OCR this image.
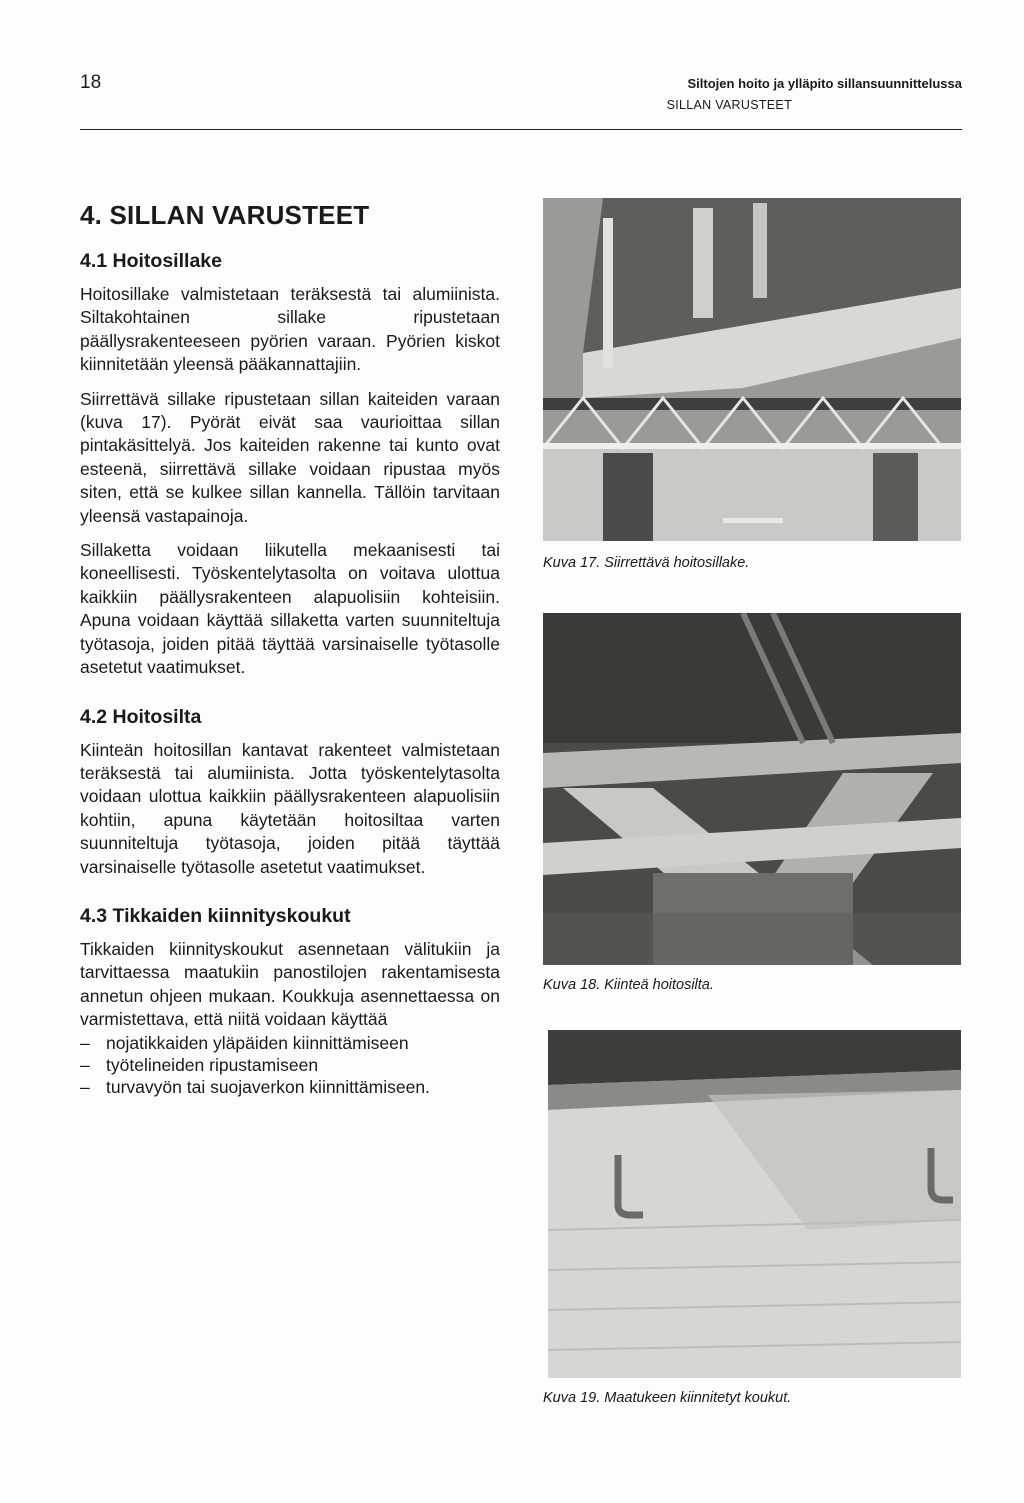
18	Siltojen hoito ja ylläpito sillansuunnittelussa
SILLAN VARUSTEET
4. SILLAN VARUSTEET
4.1 Hoitosillake

Hoitosillake valmistetaan teräksestä tai alumiinista. Siltakohtainen sillake ripustetaan päällysrakenteeseen pyörien varaan. Pyörien kiskot kiinnitetään yleensä pääkannattajiin.

Siirrettävä sillake ripustetaan sillan kaiteiden varaan (kuva 17). Pyörät eivät saa vaurioittaa sillan pintakäsittelyä. Jos kaiteiden rakenne tai kunto ovat esteenä, siirrettävä sillake voidaan ripustaa myös siten, että se kulkee sillan kannella. Tällöin tarvitaan yleensä vastapainoja.

Sillaketta voidaan liikutella mekaanisesti tai koneellisesti. Työskentelytasolta on voitava ulottua kaikkiin päällysrakenteen alapuolisiin kohteisiin. Apuna voidaan käyttää sillaketta varten suunniteltuja työtasoja, joiden pitää täyttää varsinaiselle työtasolle asetetut vaatimukset.

4.2 Hoitosilta

Kiinteän hoitosillan kantavat rakenteet valmistetaan teräksestä tai alumiinista. Jotta työskentelytasolta voidaan ulottua kaikkiin päällysrakenteen alapuolisiin kohtiin, apuna käytetään hoitosiltaa varten suunniteltuja työtasoja, joiden pitää täyttää varsinaiselle työtasolle asetetut vaatimukset.

4.3 Tikkaiden kiinnityskoukut

Tikkaiden kiinnityskoukut asennetaan välitukiin ja tarvittaessa maatukiin panostilojen rakentamisesta annetun ohjeen mukaan. Koukkuja asennettaessa on varmistettava, että niitä voidaan käyttää

– nojatikkaiden yläpäiden kiinnittämiseen
– työtelineiden ripustamiseen
– turvavyön tai suojaverkon kiinnittämiseen.
Kuva 17. Siirrettävä hoitosillake.
Kuva 18. Kiinteä hoitosilta.
Kuva 19. Maatukeen kiinnitetyt koukut.
